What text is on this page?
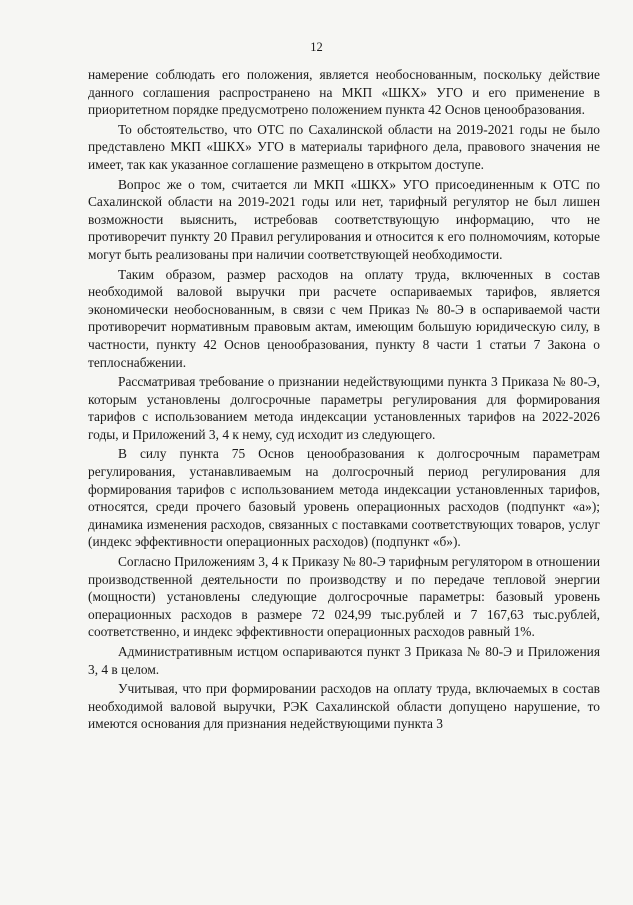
12

намерение соблюдать его положения, является необоснованным, поскольку действие данного соглашения распространено на МКП «ШКХ» УГО и его применение в приоритетном порядке предусмотрено положением пункта 42 Основ ценообразования.

То обстоятельство, что ОТС по Сахалинской области на 2019-2021 годы не было представлено МКП «ШКХ» УГО в материалы тарифного дела, правового значения не имеет, так как указанное соглашение размещено в открытом доступе.

Вопрос же о том, считается ли МКП «ШКХ» УГО присоединенным к ОТС по Сахалинской области на 2019-2021 годы или нет, тарифный регулятор не был лишен возможности выяснить, истребовав соответствующую информацию, что не противоречит пункту 20 Правил регулирования и относится к его полномочиям, которые могут быть реализованы при наличии соответствующей необходимости.

Таким образом, размер расходов на оплату труда, включенных в состав необходимой валовой выручки при расчете оспариваемых тарифов, является экономически необоснованным, в связи с чем Приказ № 80-Э в оспариваемой части противоречит нормативным правовым актам, имеющим большую юридическую силу, в частности, пункту 42 Основ ценообразования, пункту 8 части 1 статьи 7 Закона о теплоснабжении.

Рассматривая требование о признании недействующими пункта 3 Приказа № 80-Э, которым установлены долгосрочные параметры регулирования для формирования тарифов с использованием метода индексации установленных тарифов на 2022-2026 годы, и Приложений 3, 4 к нему, суд исходит из следующего.

В силу пункта 75 Основ ценообразования к долгосрочным параметрам регулирования, устанавливаемым на долгосрочный период регулирования для формирования тарифов с использованием метода индексации установленных тарифов, относятся, среди прочего базовый уровень операционных расходов (подпункт «а»); динамика изменения расходов, связанных с поставками соответствующих товаров, услуг (индекс эффективности операционных расходов) (подпункт «б»).

Согласно Приложениям 3, 4 к Приказу № 80-Э тарифным регулятором в отношении производственной деятельности по производству и по передаче тепловой энергии (мощности) установлены следующие долгосрочные параметры: базовый уровень операционных расходов в размере 72 024,99 тыс.рублей и 7 167,63 тыс.рублей, соответственно, и индекс эффективности операционных расходов равный 1%.

Административным истцом оспариваются пункт 3 Приказа № 80-Э и Приложения 3, 4 в целом.

Учитывая, что при формировании расходов на оплату труда, включаемых в состав необходимой валовой выручки, РЭК Сахалинской области допущено нарушение, то имеются основания для признания недействующими пункта 3
